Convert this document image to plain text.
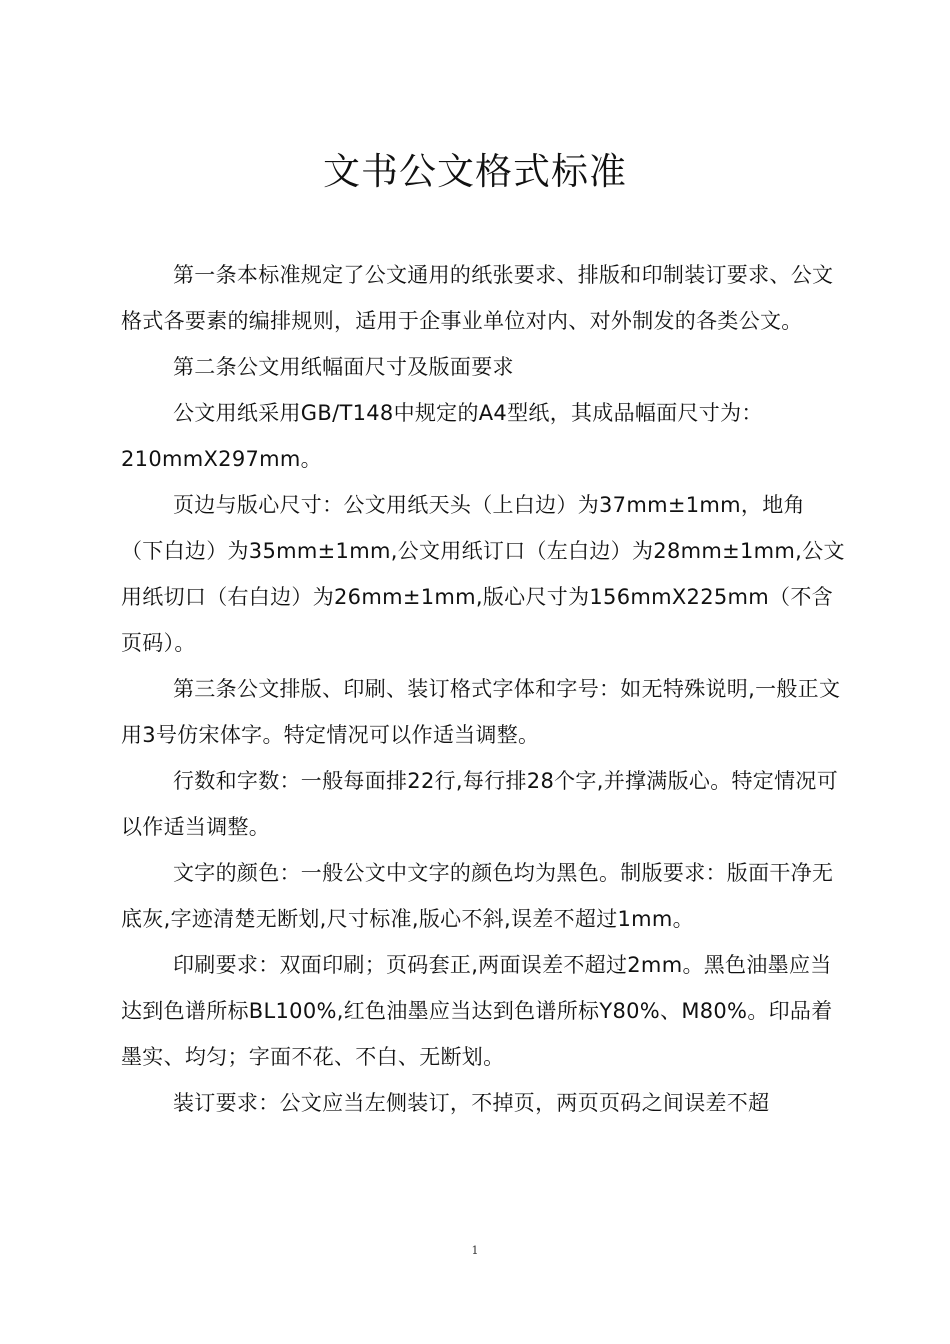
文书公文格式标准

第一条本标准规定了公文通用的纸张要求、排版和印制装订要求、公文格式各要素的编排规则，适用于企事业单位对内、对外制发的各类公文。

第二条公文用纸幅面尺寸及版面要求

公文用纸采用GB/T148中规定的A4型纸，其成品幅面尺寸为：210mmX297mm。

页边与版心尺寸：公文用纸天头（上白边）为37mm±1mm，地角（下白边）为35mm±1mm,公文用纸订口（左白边）为28mm±1mm,公文用纸切口（右白边）为26mm±1mm,版心尺寸为156mmX225mm（不含页码）。

第三条公文排版、印刷、装订格式字体和字号：如无特殊说明,一般正文用3号仿宋体字。特定情况可以作适当调整。

行数和字数：一般每面排22行,每行排28个字,并撑满版心。特定情况可以作适当调整。

文字的颜色：一般公文中文字的颜色均为黑色。制版要求：版面干净无底灰,字迹清楚无断划,尺寸标准,版心不斜,误差不超过1mm。

印刷要求：双面印刷；页码套正,两面误差不超过2mm。黑色油墨应当达到色谱所标BL100%,红色油墨应当达到色谱所标Y80%、M80%。印品着墨实、均匀；字面不花、不白、无断划。

装订要求：公文应当左侧装订，不掉页，两页页码之间误差不超

1
